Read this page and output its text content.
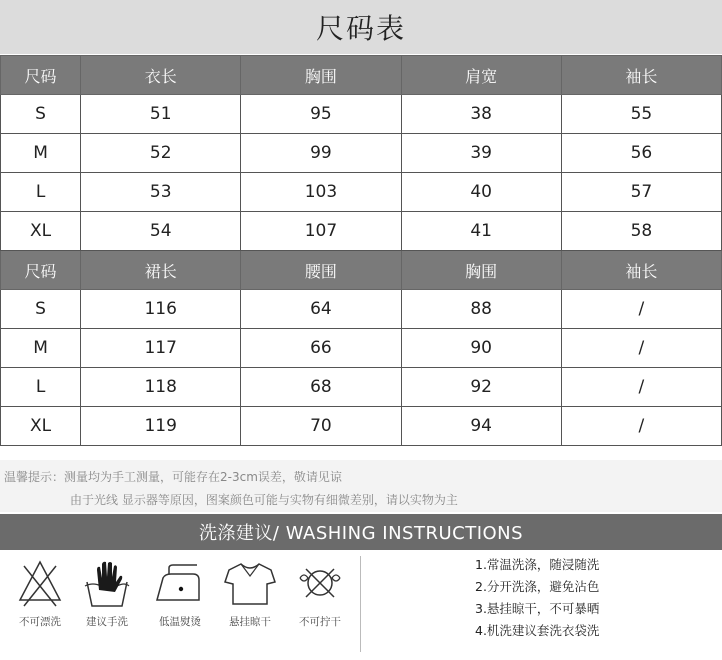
尺码表
尺码	衣长	胸围	肩宽	袖长
S	51	95	38	55
M	52	99	39	56
L	53	103	40	57
XL	54	107	41	58
尺码	裙长	腰围	胸围	袖长
S	116	64	88	/
M	117	66	90	/
L	118	68	92	/
XL	119	70	94	/
温馨提示：测量均为手工测量，可能存在2-3cm误差，敬请见谅
由于光线 显示器等原因，图案颜色可能与实物有细微差别，请以实物为主
洗涤建议/ WASHING INSTRUCTIONS
不可漂洗	建议手洗	低温熨烫	悬挂晾干	不可拧干
1.常温洗涤，随浸随洗
2.分开洗涤，避免沾色
3.悬挂晾干，不可暴晒
4.机洗建议套洗衣袋洗
